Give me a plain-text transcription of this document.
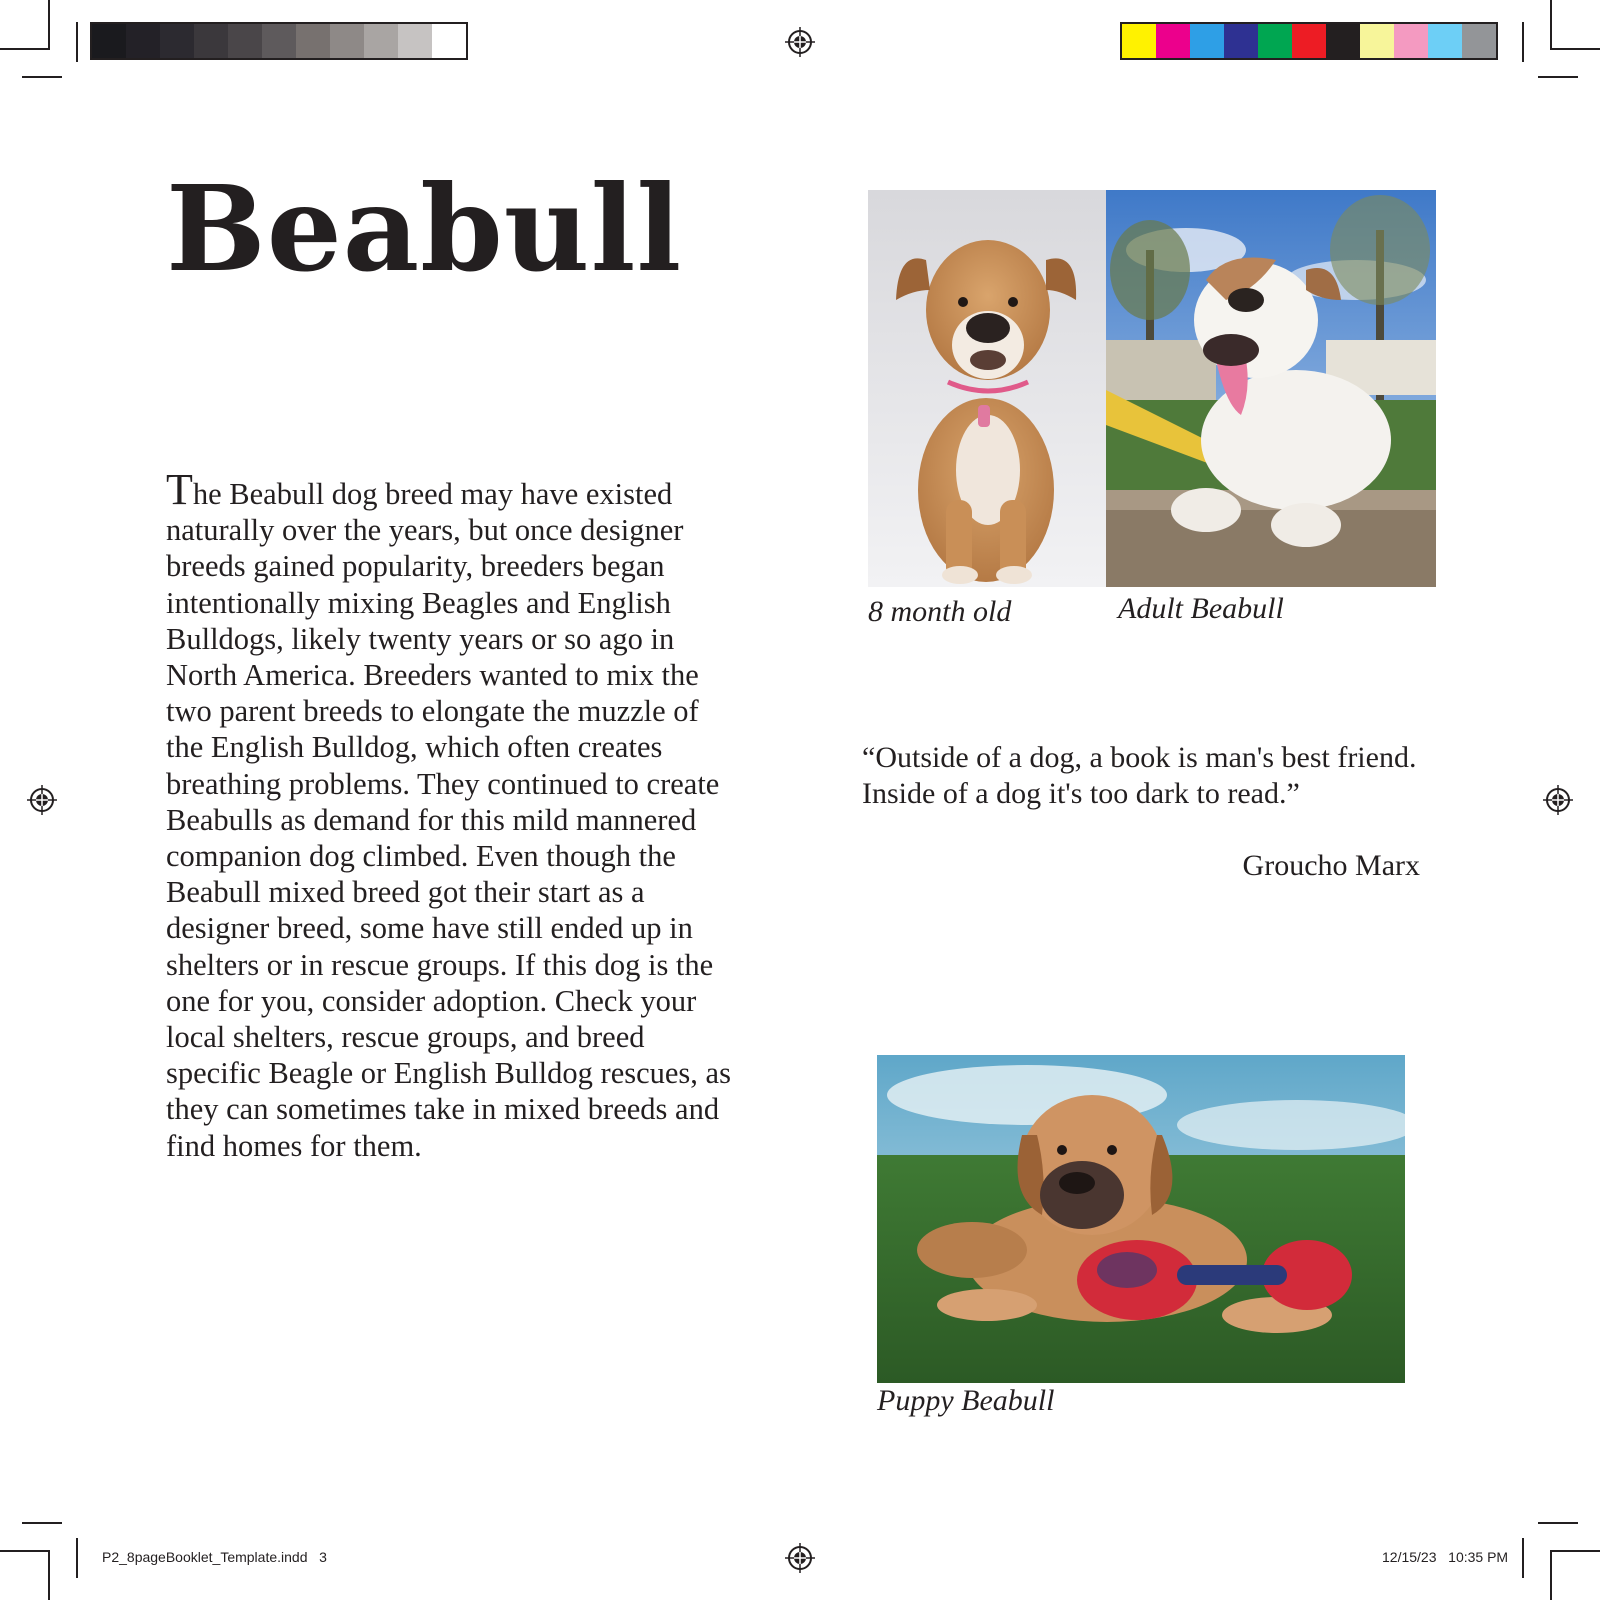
Beabull

The Beabull dog breed may have existed
naturally over the years, but once designer
breeds gained popularity, breeders began
intentionally mixing Beagles and English
Bulldogs, likely twenty years or so ago in
North America. Breeders wanted to mix the
two parent breeds to elongate the muzzle of
the English Bulldog, which often creates
breathing problems. They continued to create
Beabulls as demand for this mild mannered
companion dog climbed. Even though the
Beabull mixed breed got their start as a
designer breed, some have still ended up in
shelters or in rescue groups. If this dog is the
one for you, consider adoption. Check your
local shelters, rescue groups, and breed
specific Beagle or English Bulldog rescues, as
they can sometimes take in mixed breeds and
find homes for them.

8 month old	Adult Beabull

“Outside of a dog, a book is man's best friend. Inside of a dog it's too dark to read.”

Groucho Marx
Puppy Beabull
P2_8pageBooklet_Template.indd   3	12/15/23   10:35 PM
